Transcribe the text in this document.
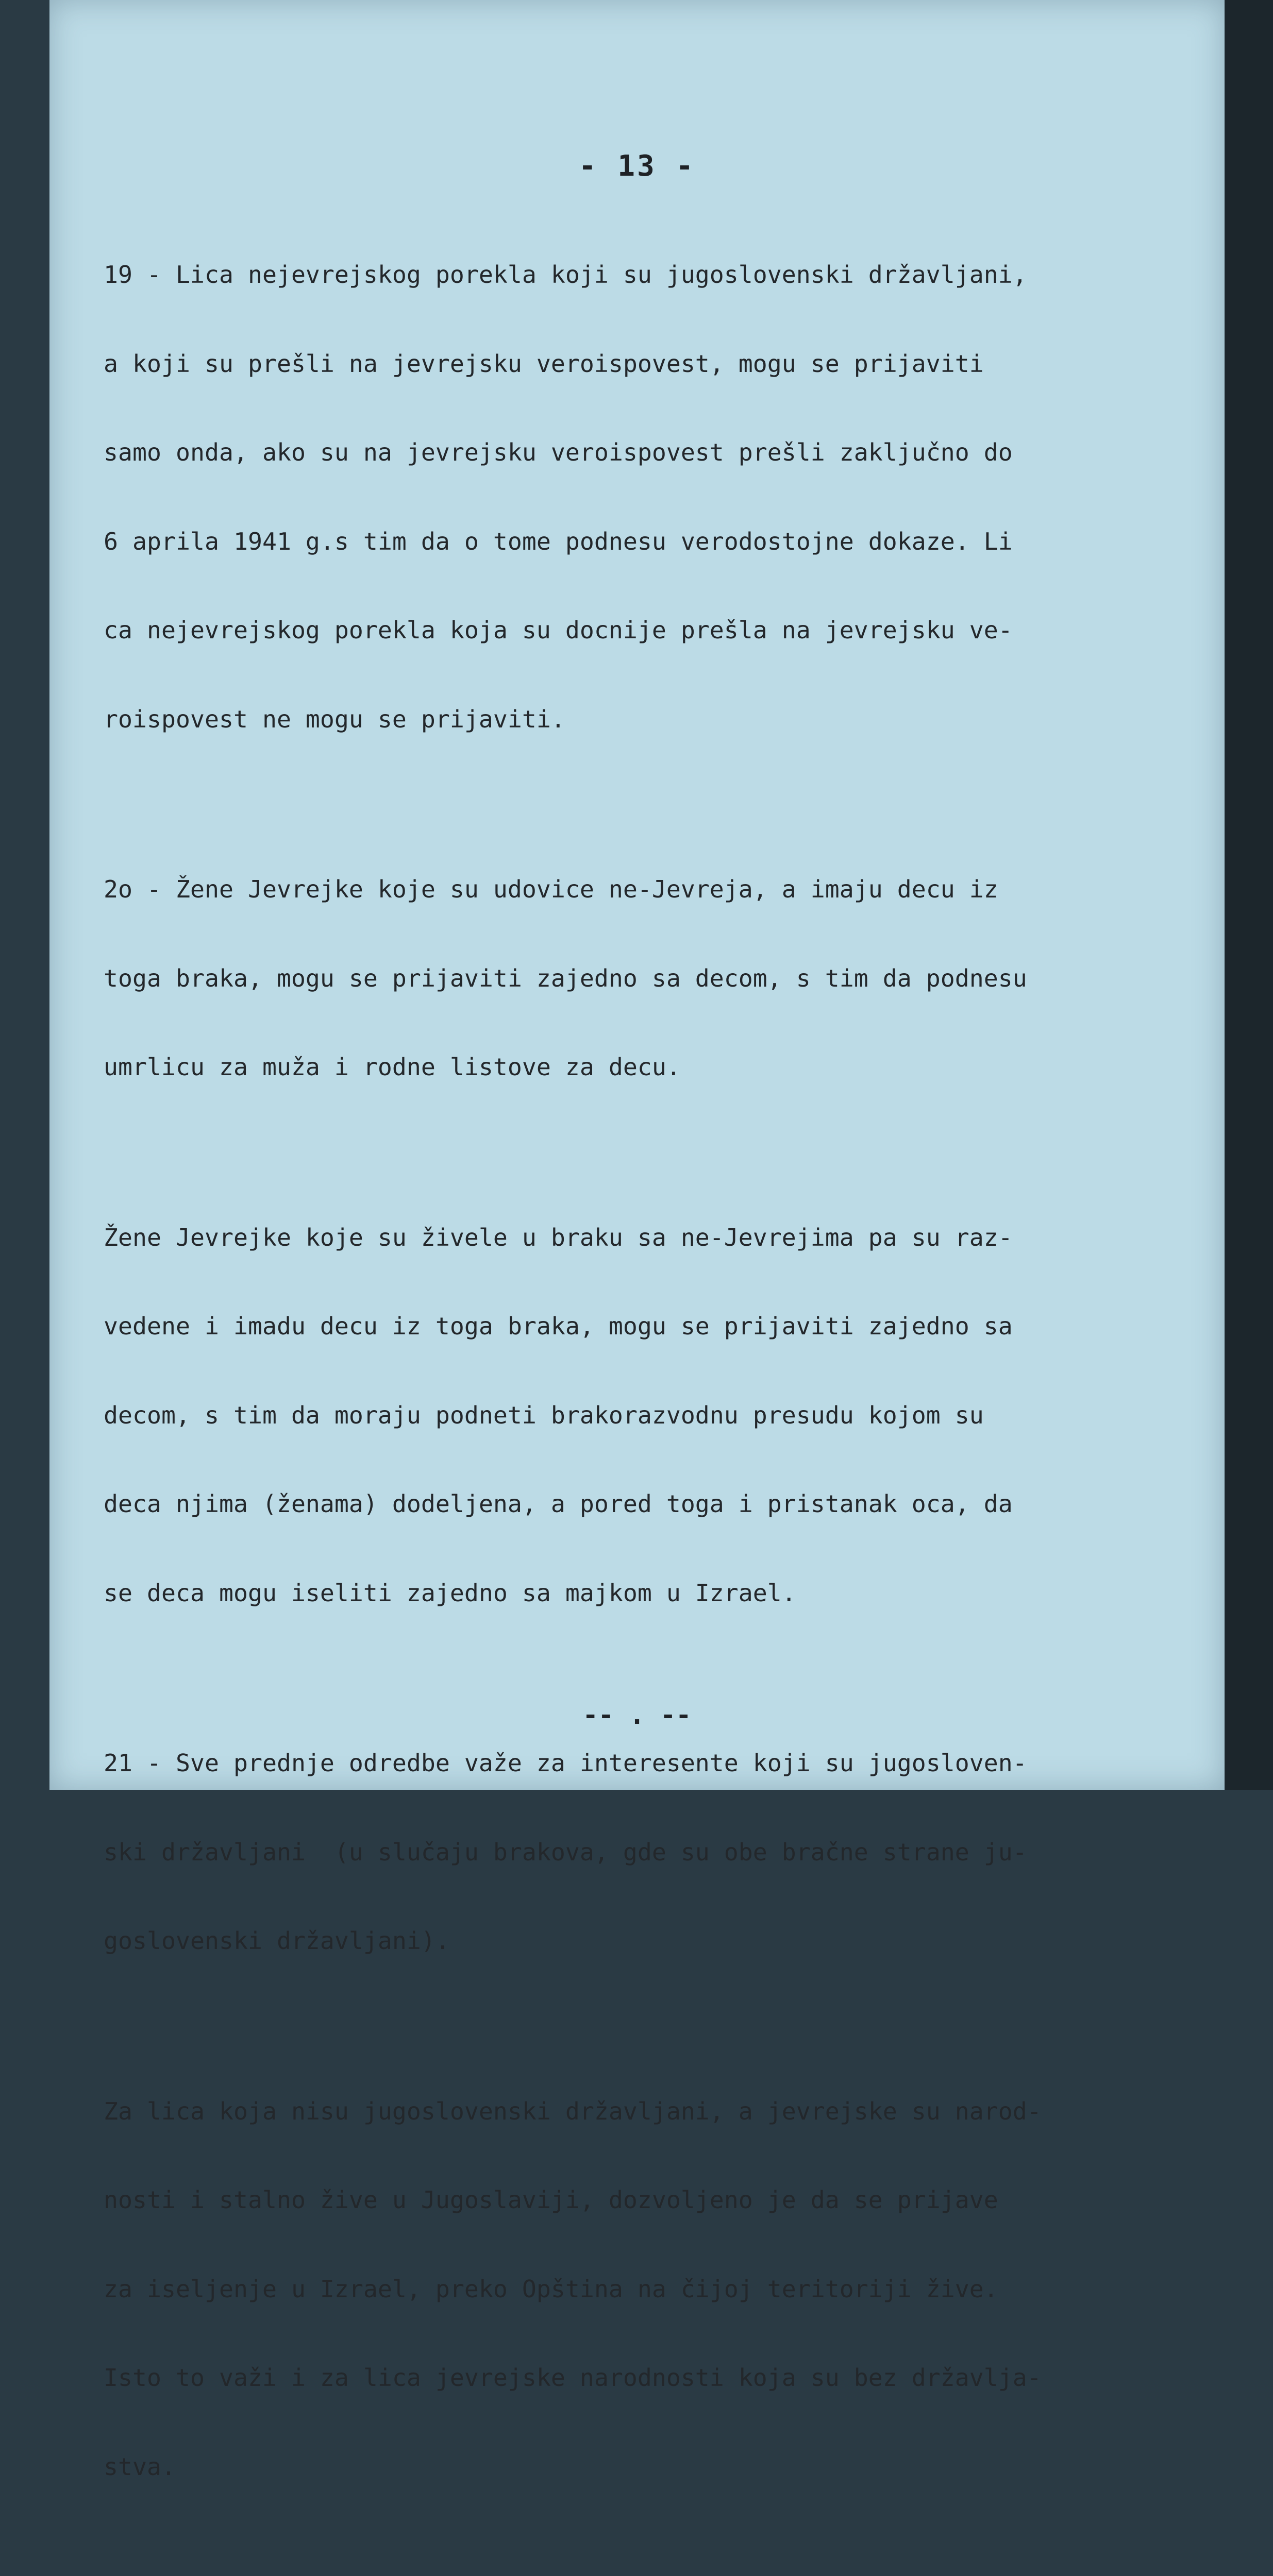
- 13 -

19 - Lica nejevrejskog porekla koji su jugoslovenski državljani,

a koji su prešli na jevrejsku veroispovest, mogu se prijaviti

samo onda, ako su na jevrejsku veroispovest prešli zaključno do

6 aprila 1941 g.s tim da o tome podnesu verodostojne dokaze. Li

ca nejevrejskog porekla koja su docnije prešla na jevrejsku ve-

roispovest ne mogu se prijaviti.

2o - Žene Jevrejke koje su udovice ne-Jevreja, a imaju decu iz

toga braka, mogu se prijaviti zajedno sa decom, s tim da podnesu

umrlicu za muža i rodne listove za decu.

Žene Jevrejke koje su živele u braku sa ne-Jevrejima pa su raz-

vedene i imadu decu iz toga braka, mogu se prijaviti zajedno sa

decom, s tim da moraju podneti brakorazvodnu presudu kojom su

deca njima (ženama) dodeljena, a pored toga i pristanak oca, da

se deca mogu iseliti zajedno sa majkom u Izrael.

21 - Sve prednje odredbe važe za interesente koji su jugosloven-

ski državljani  (u slučaju brakova, gde su obe bračne strane ju-

goslovenski državljani).

Za lica koja nisu jugoslovenski državljani, a jevrejske su narod-

nosti i stalno žive u Jugoslaviji, dozvoljeno je da se prijave

za iseljenje u Izrael, preko Opština na čijoj teritoriji žive.

Isto to važi i za lica jevrejske narodnosti koja su bez državlja-

stva.

-- . --
